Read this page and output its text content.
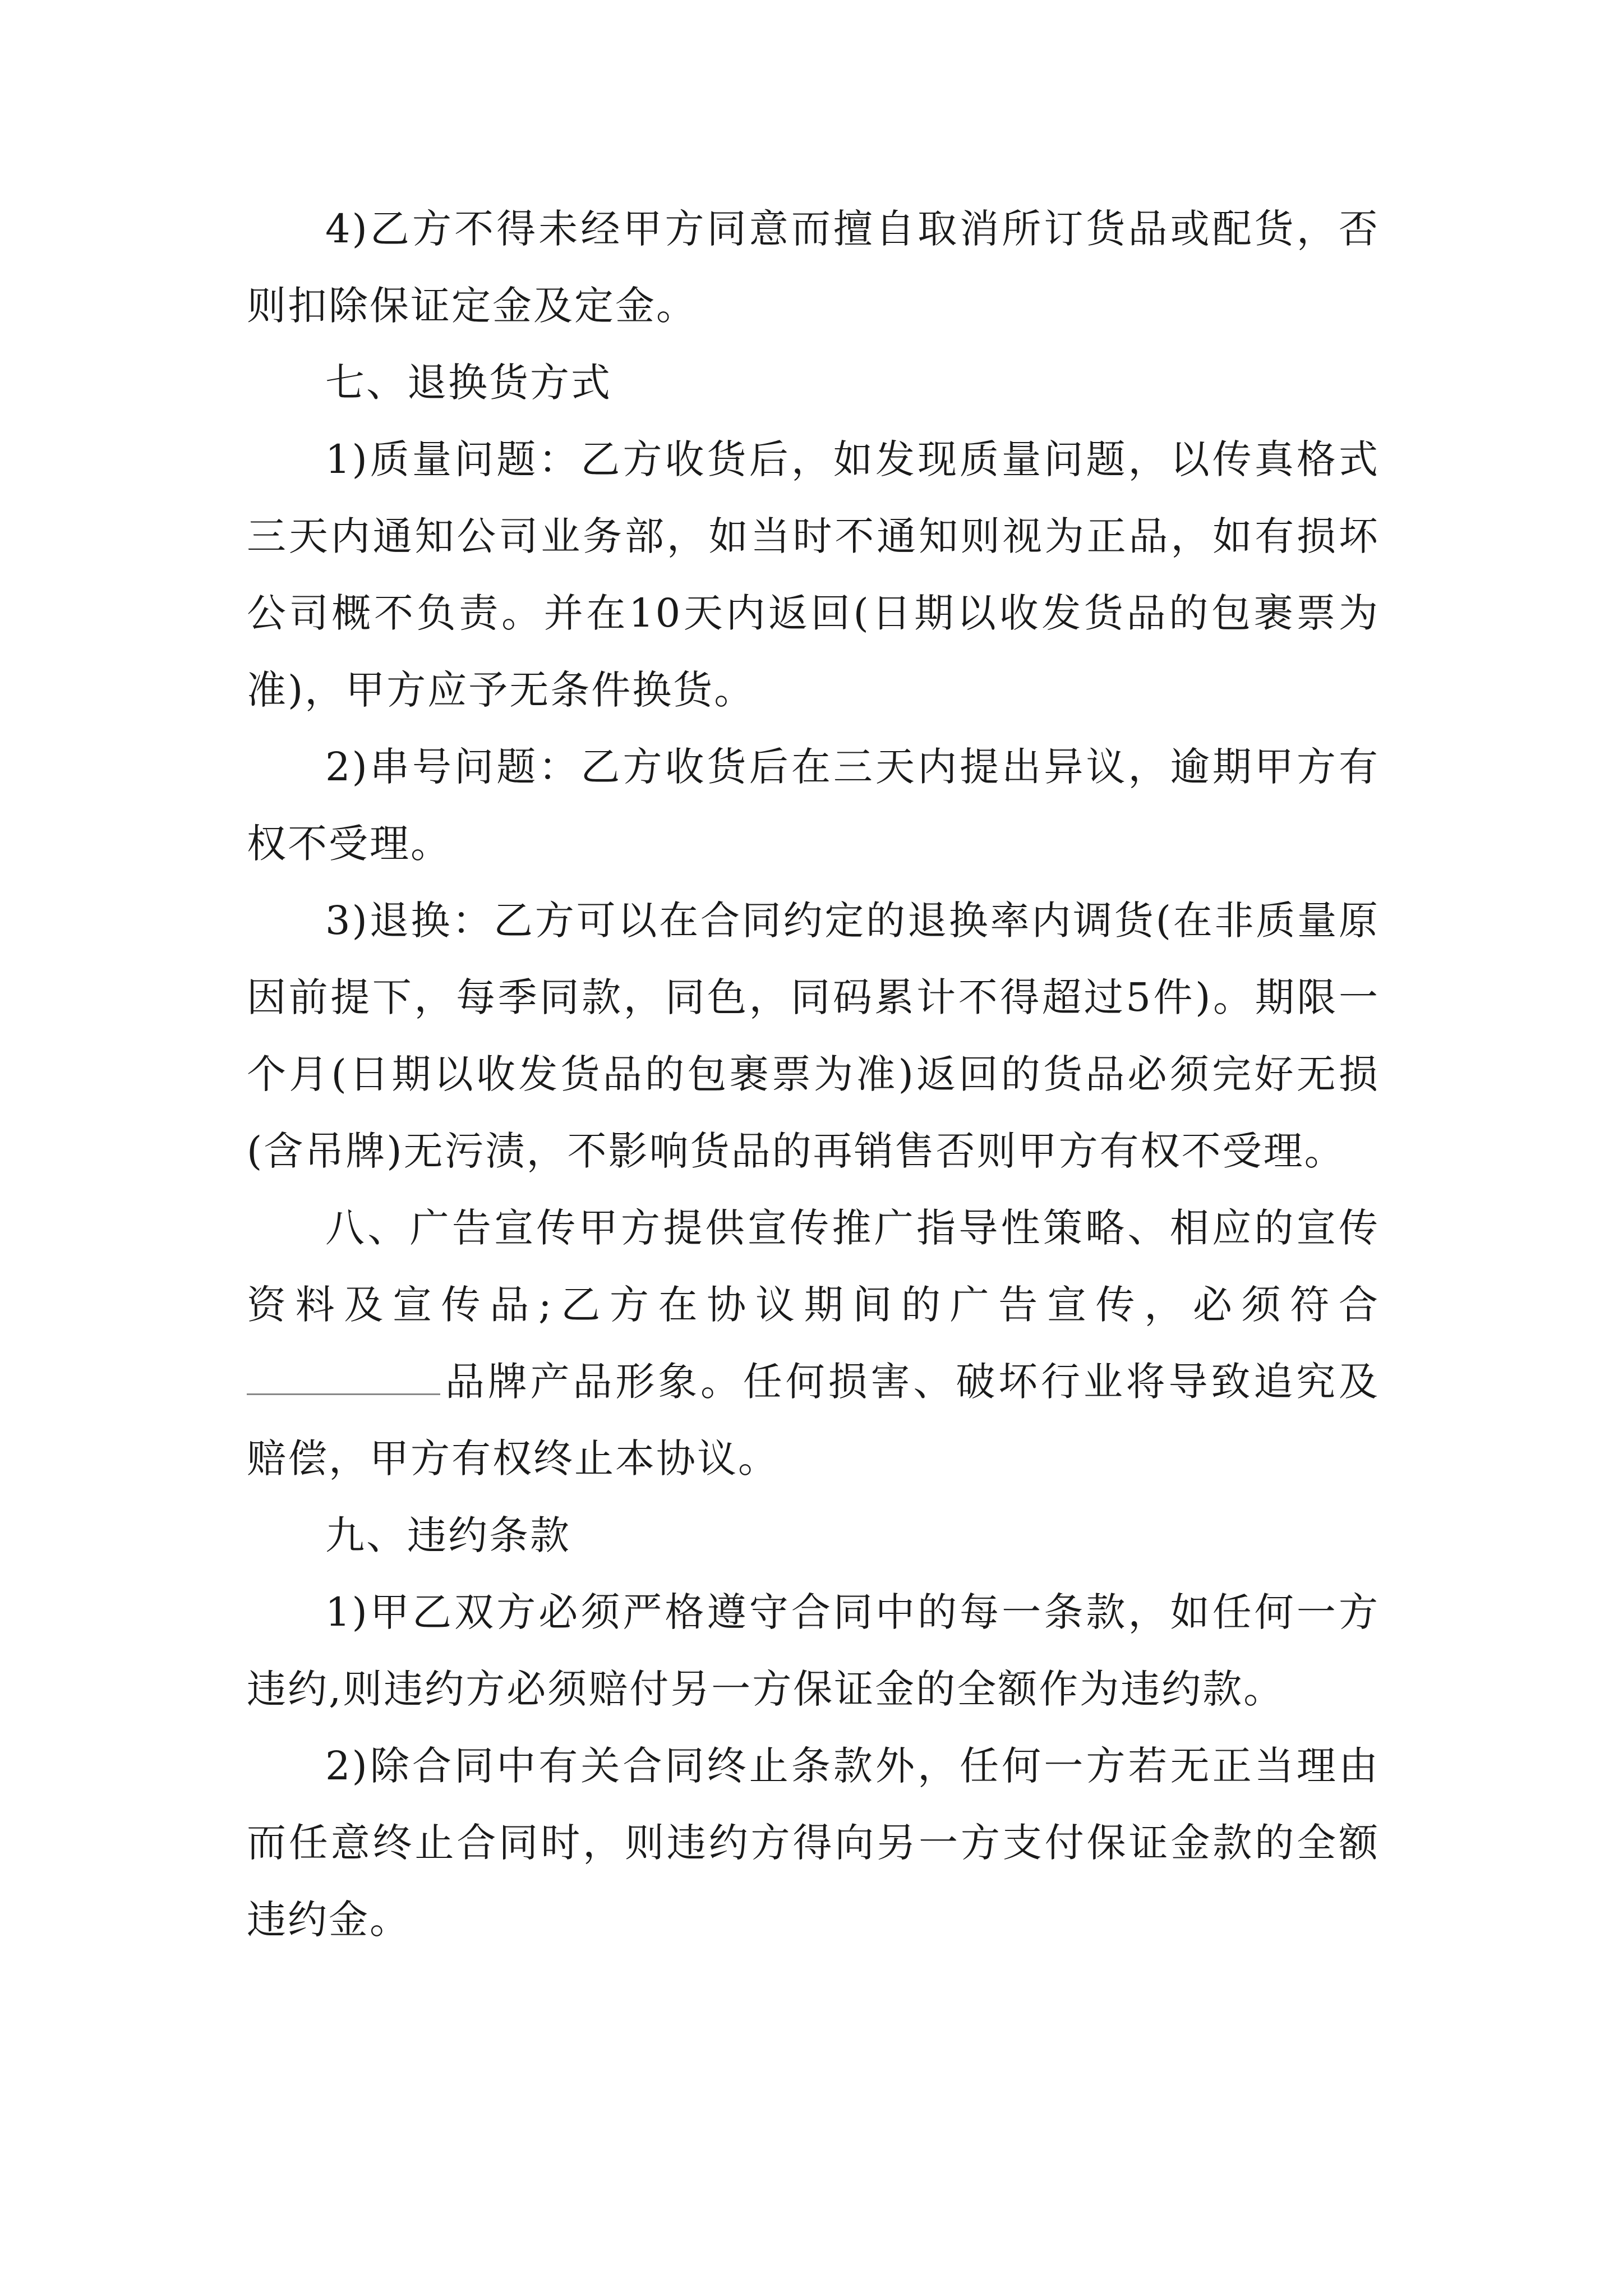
4)乙方不得未经甲方同意而擅自取消所订货品或配货，否则扣除保证定金及定金。

七、退换货方式

1)质量问题：乙方收货后，如发现质量问题，以传真格式三天内通知公司业务部，如当时不通知则视为正品，如有损坏公司概不负责。并在10天内返回(日期以收发货品的包裹票为准)，甲方应予无条件换货。

2)串号问题：乙方收货后在三天内提出异议，逾期甲方有权不受理。

3)退换：乙方可以在合同约定的退换率内调货(在非质量原因前提下，每季同款，同色，同码累计不得超过5件)。期限一个月(日期以收发货品的包裹票为准)返回的货品必须完好无损(含吊牌)无污渍，不影响货品的再销售否则甲方有权不受理。

八、广告宣传甲方提供宣传推广指导性策略、相应的宣传资料及宣传品;乙方在协议期间的广告宣传，必须符合品牌产品形象。任何损害、破坏行业将导致追究及赔偿，甲方有权终止本协议。

九、违约条款

1)甲乙双方必须严格遵守合同中的每一条款，如任何一方违约,则违约方必须赔付另一方保证金的全额作为违约款。

2)除合同中有关合同终止条款外，任何一方若无正当理由而任意终止合同时，则违约方得向另一方支付保证金款的全额违约金。
